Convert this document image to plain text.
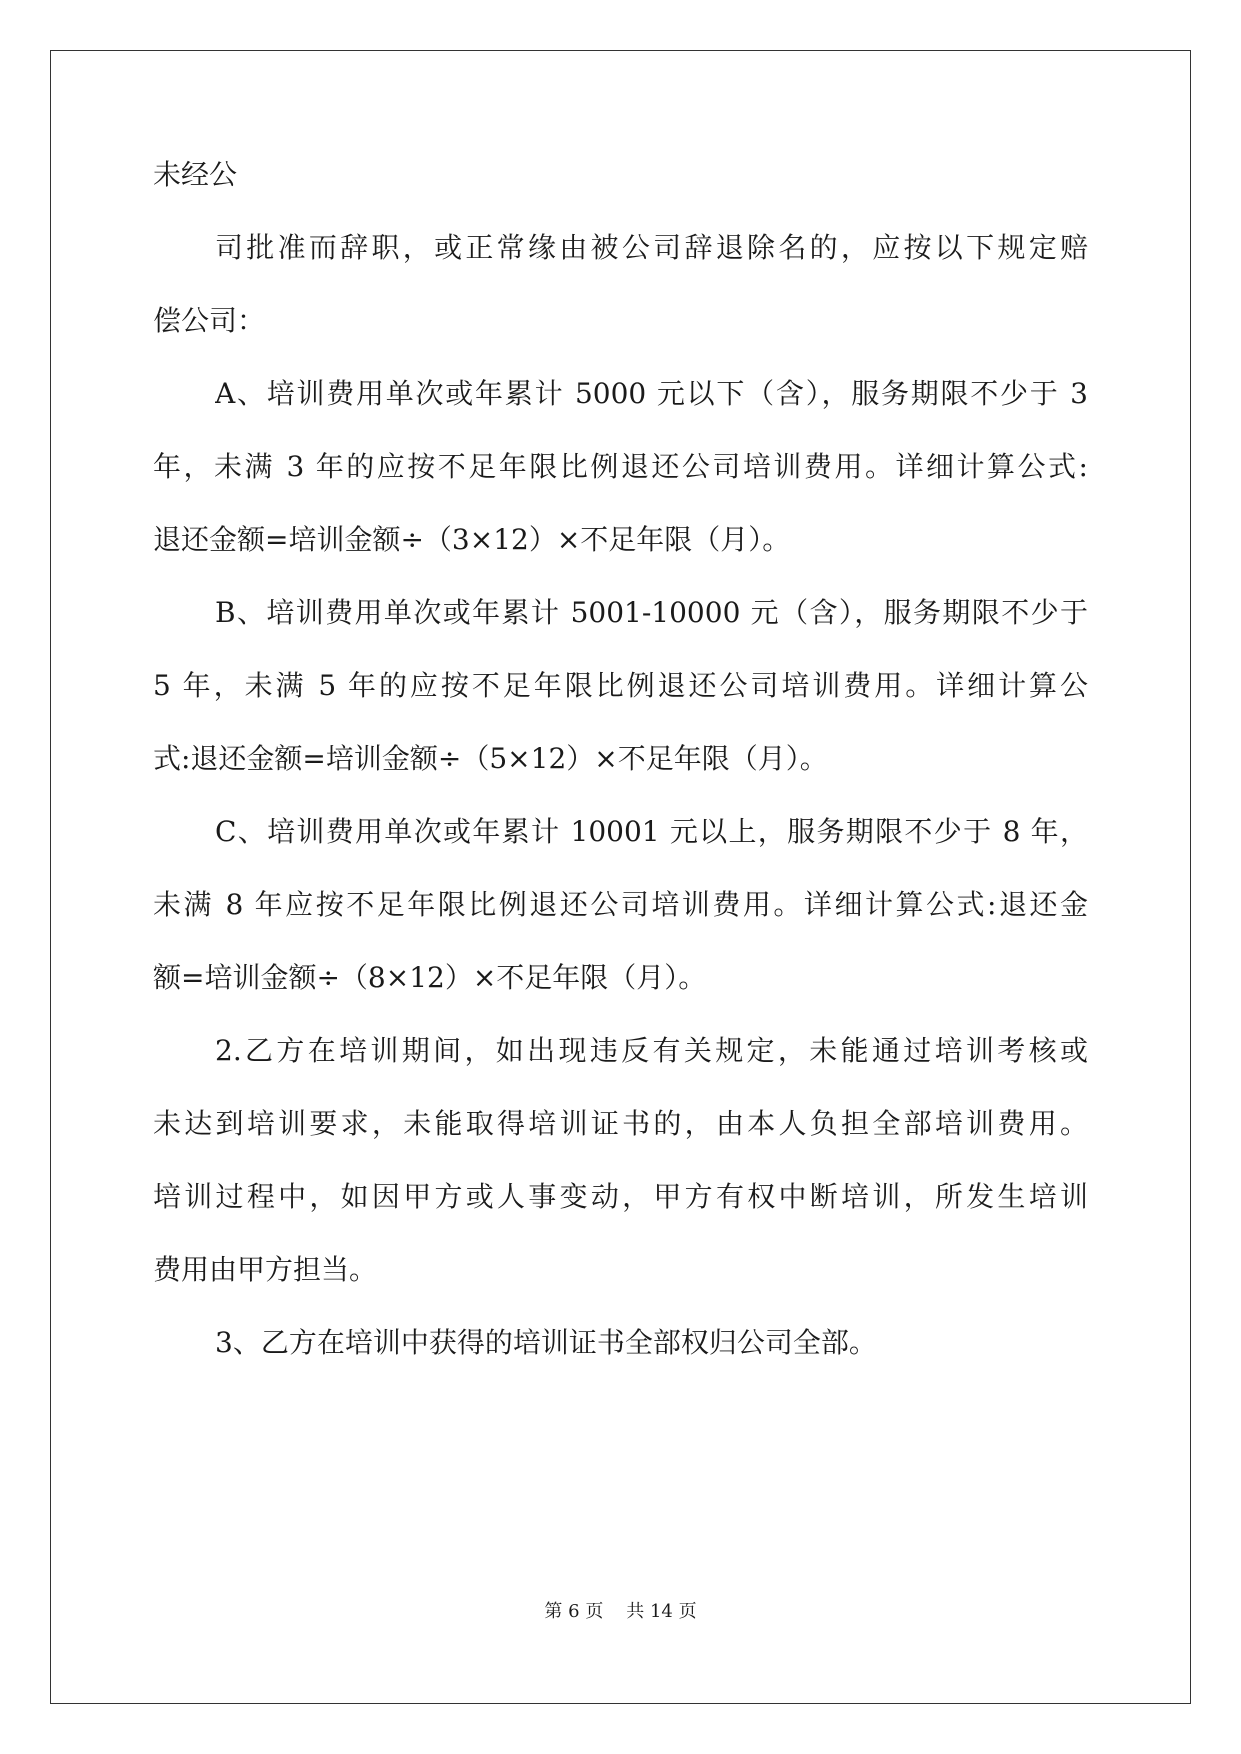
未经公
司批准而辞职，或正常缘由被公司辞退除名的，应按以下规定赔
偿公司：
A、培训费用单次或年累计 5000 元以下（含），服务期限不少于 3
年，未满 3 年的应按不足年限比例退还公司培训费用。详细计算公式:
退还金额=培训金额÷（3×12）×不足年限（月）。
B、培训费用单次或年累计 5001-10000 元（含），服务期限不少于
5 年，未满 5 年的应按不足年限比例退还公司培训费用。详细计算公
式:退还金额=培训金额÷（5×12）×不足年限（月）。
C、培训费用单次或年累计 10001 元以上，服务期限不少于 8 年，
未满 8 年应按不足年限比例退还公司培训费用。详细计算公式:退还金
额=培训金额÷（8×12）×不足年限（月）。
2.乙方在培训期间，如出现违反有关规定，未能通过培训考核或
未达到培训要求，未能取得培训证书的，由本人负担全部培训费用。
培训过程中，如因甲方或人事变动，甲方有权中断培训，所发生培训
费用由甲方担当。
3、乙方在培训中获得的培训证书全部权归公司全部。
第 6 页 共 14 页
